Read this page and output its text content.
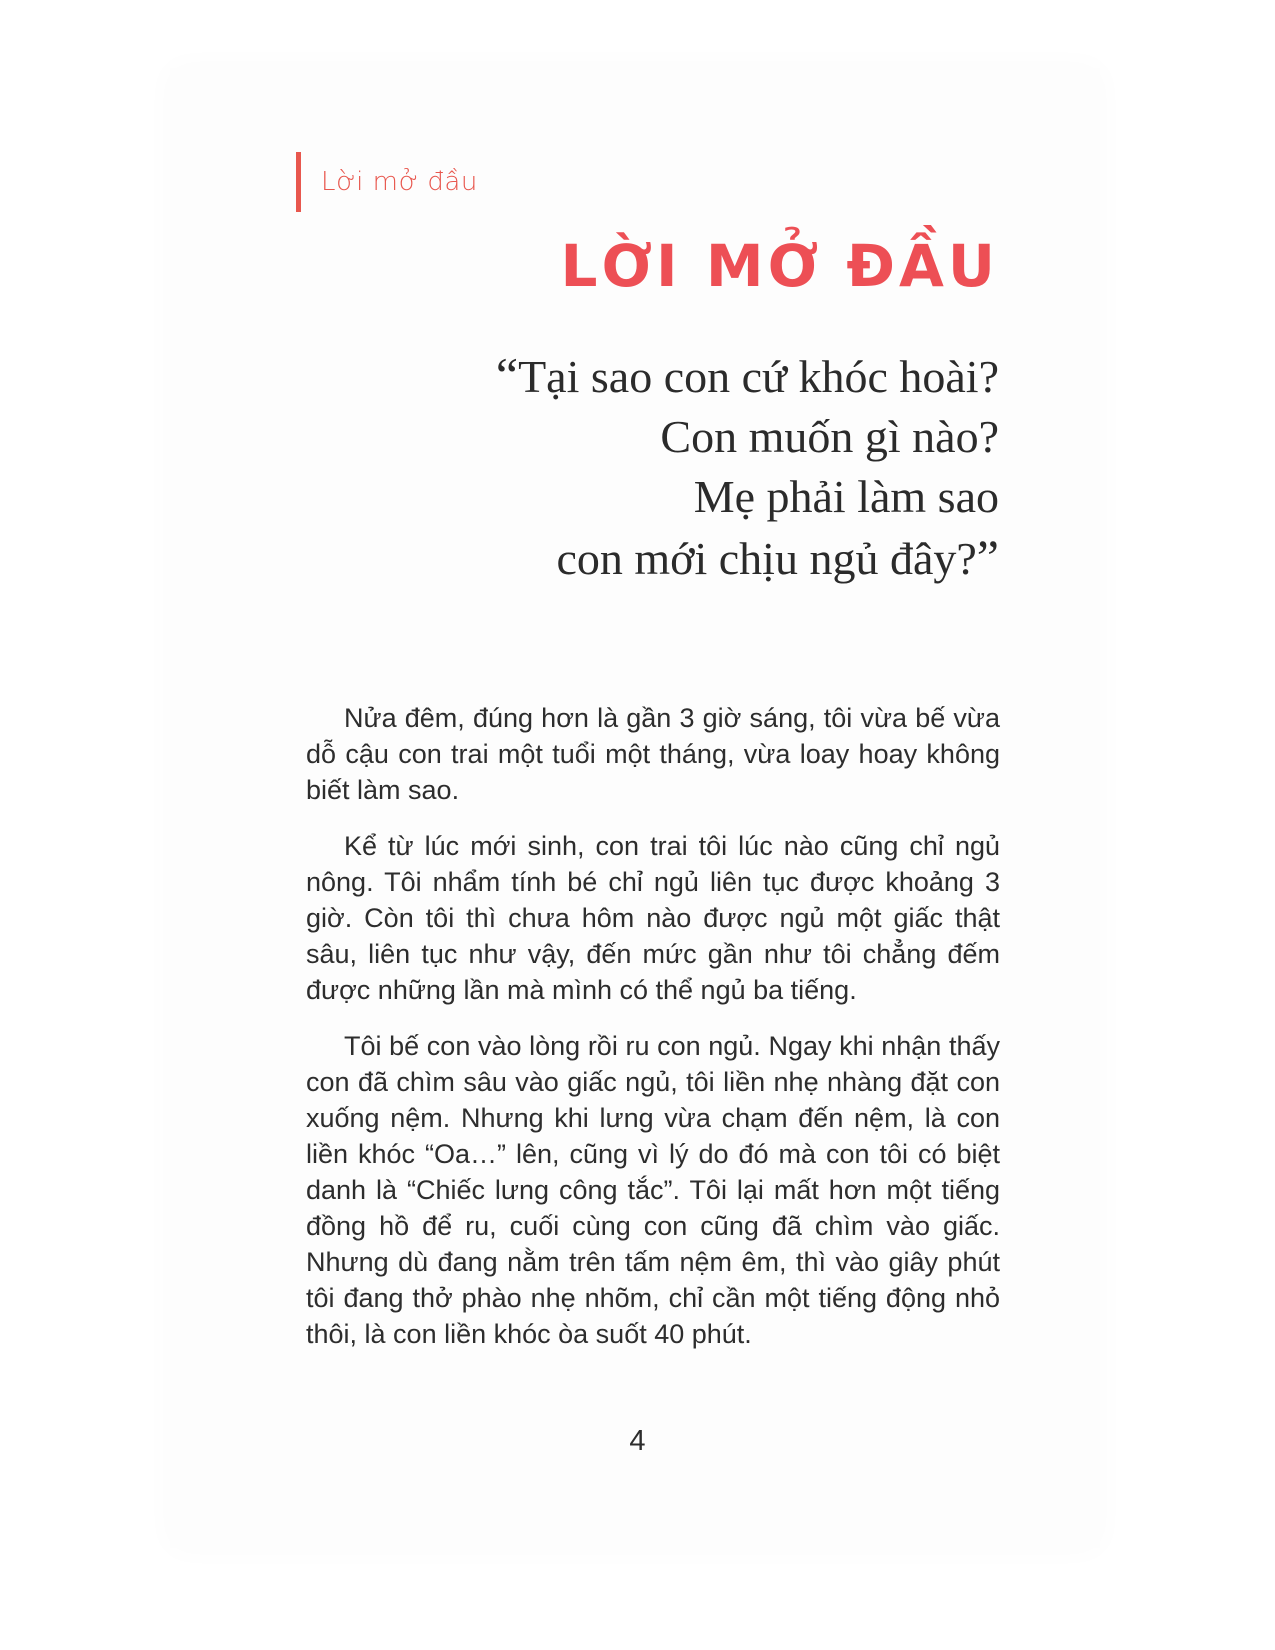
Lời mở đầu
LỜI MỞ ĐẦU
“Tại sao con cứ khóc hoài?
Con muốn gì nào?
Mẹ phải làm sao
con mới chịu ngủ đây?”

Nửa đêm, đúng hơn là gần 3 giờ sáng, tôi vừa bế vừa dỗ cậu con trai một tuổi một tháng, vừa loay hoay không biết làm sao.

Kể từ lúc mới sinh, con trai tôi lúc nào cũng chỉ ngủ nông. Tôi nhẩm tính bé chỉ ngủ liên tục được khoảng 3 giờ. Còn tôi thì chưa hôm nào được ngủ một giấc thật sâu, liên tục như vậy, đến mức gần như tôi chẳng đếm được những lần mà mình có thể ngủ ba tiếng.

Tôi bế con vào lòng rồi ru con ngủ. Ngay khi nhận thấy con đã chìm sâu vào giấc ngủ, tôi liền nhẹ nhàng đặt con xuống nệm. Nhưng khi lưng vừa chạm đến nệm, là con liền khóc “Oa…” lên, cũng vì lý do đó mà con tôi có biệt danh là “Chiếc lưng công tắc”. Tôi lại mất hơn một tiếng đồng hồ để ru, cuối cùng con cũng đã chìm vào giấc. Nhưng dù đang nằm trên tấm nệm êm, thì vào giây phút tôi đang thở phào nhẹ nhõm, chỉ cần một tiếng động nhỏ thôi, là con liền khóc òa suốt 40 phút.

4
